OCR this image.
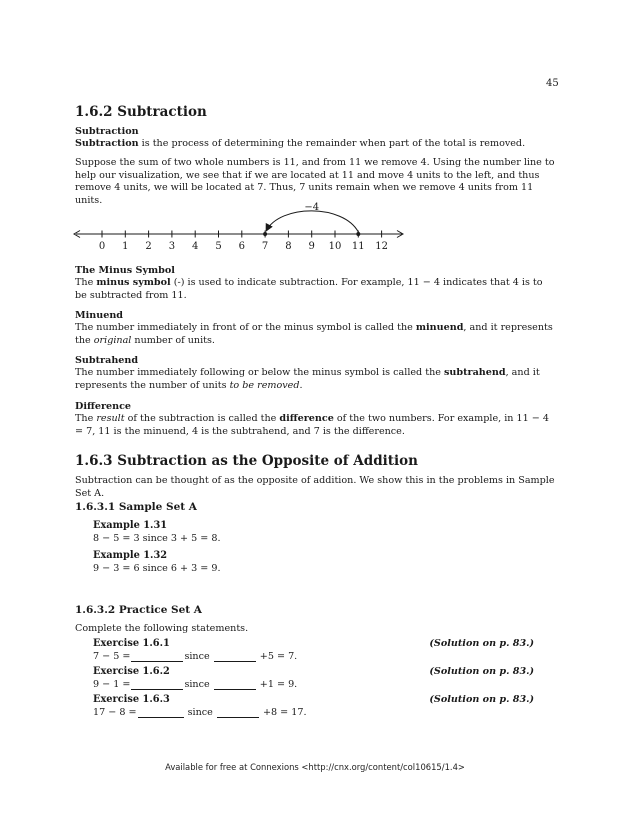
45
1.6.2 Subtraction
Subtraction
Subtraction is the process of determining the remainder when part of the total is removed.
Suppose the sum of two whole numbers is 11, and from 11 we remove 4. Using the number line to help our visualization, we see that if we are located at 11 and move 4 units to the left, and thus remove 4 units, we will be located at 7. Thus, 7 units remain when we remove 4 units from 11 units.
0 1 2 3 4 5 6 7 8 9 10 11 12
−4
The Minus Symbol
The minus symbol (-) is used to indicate subtraction. For example, 11 − 4 indicates that 4 is to be subtracted from 11.
Minuend
The number immediately in front of or the minus symbol is called the minuend, and it represents the original number of units.
Subtrahend
The number immediately following or below the minus symbol is called the subtrahend, and it represents the number of units to be removed.
Difference
The result of the subtraction is called the difference of the two numbers. For example, in 11 − 4 = 7, 11 is the minuend, 4 is the subtrahend, and 7 is the difference.
1.6.3 Subtraction as the Opposite of Addition
Subtraction can be thought of as the opposite of addition. We show this in the problems in Sample Set A.
1.6.3.1 Sample Set A
Example 1.31
8 − 5 = 3 since 3 + 5 = 8.
Example 1.32
9 − 3 = 6 since 6 + 3 = 9.
1.6.3.2 Practice Set A
Complete the following statements.
Exercise 1.6.1	(Solution on p. 83.)
7 − 5 =	since	+5 = 7.
Exercise 1.6.2	(Solution on p. 83.)
9 − 1 =	since	+1 = 9.
Exercise 1.6.3	(Solution on p. 83.)
17 − 8 =	since	+8 = 17.
Available for free at Connexions <http://cnx.org/content/col10615/1.4>
